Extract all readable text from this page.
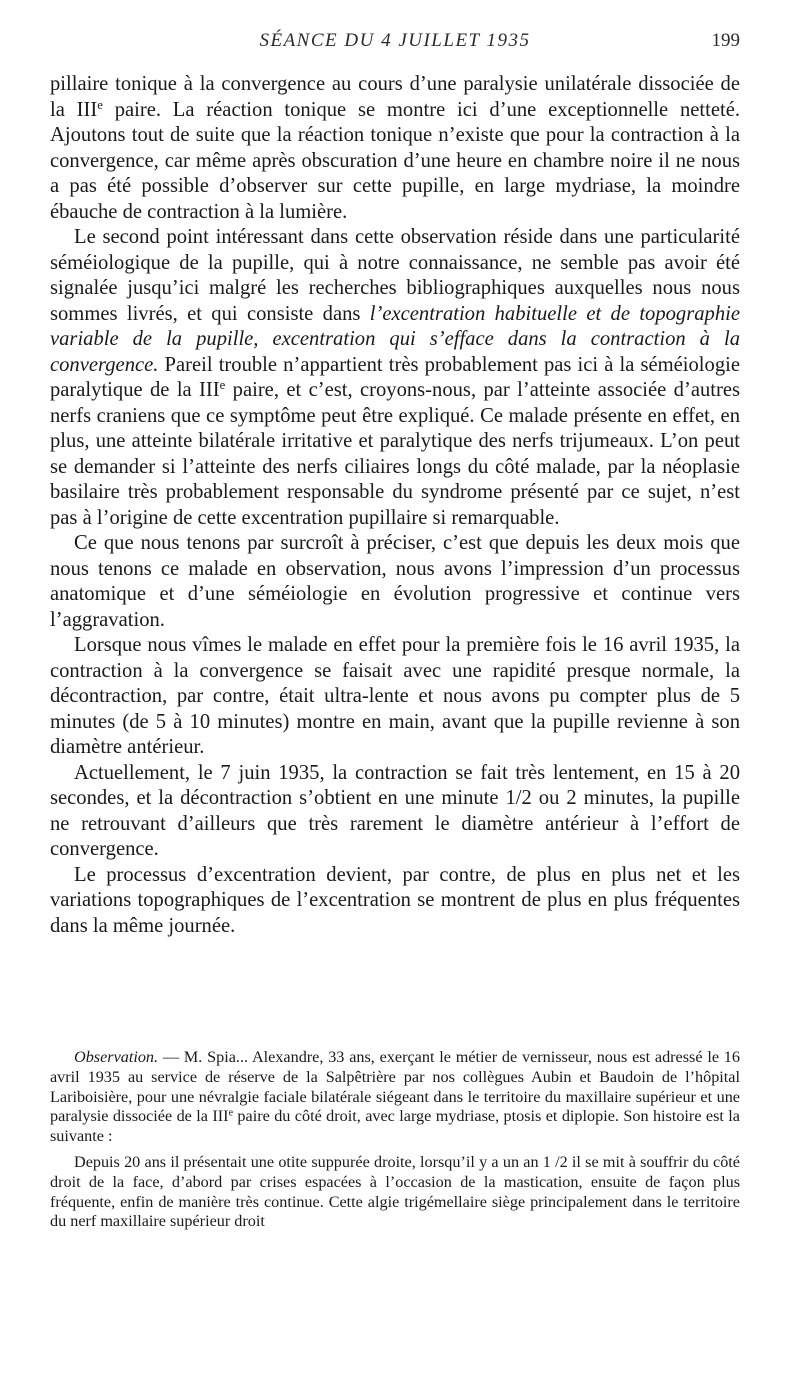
SÉANCE DU 4 JUILLET 1935	199

pillaire tonique à la convergence au cours d’une paralysie unilatérale dissociée de la IIIe paire. La réaction tonique se montre ici d’une exceptionnelle netteté. Ajoutons tout de suite que la réaction tonique n’existe que pour la contraction à la convergence, car même après obscuration d’une heure en chambre noire il ne nous a pas été possible d’observer sur cette pupille, en large mydriase, la moindre ébauche de contraction à la lumière.

Le second point intéressant dans cette observation réside dans une particularité séméiologique de la pupille, qui à notre connaissance, ne semble pas avoir été signalée jusqu’ici malgré les recherches bibliographiques auxquelles nous nous sommes livrés, et qui consiste dans l’excentration habituelle et de topographie variable de la pupille, excentration qui s’efface dans la contraction à la convergence. Pareil trouble n’appartient très probablement pas ici à la séméiologie paralytique de la IIIe paire, et c’est, croyons-nous, par l’atteinte associée d’autres nerfs craniens que ce symptôme peut être expliqué. Ce malade présente en effet, en plus, une atteinte bilatérale irritative et paralytique des nerfs trijumeaux. L’on peut se demander si l’atteinte des nerfs ciliaires longs du côté malade, par la néoplasie basilaire très probablement responsable du syndrome présenté par ce sujet, n’est pas à l’origine de cette excentration pupillaire si remarquable.

Ce que nous tenons par surcroît à préciser, c’est que depuis les deux mois que nous tenons ce malade en observation, nous avons l’impression d’un processus anatomique et d’une séméiologie en évolution progressive et continue vers l’aggravation.

Lorsque nous vîmes le malade en effet pour la première fois le 16 avril 1935, la contraction à la convergence se faisait avec une rapidité presque normale, la décontraction, par contre, était ultra-lente et nous avons pu compter plus de 5 minutes (de 5 à 10 minutes) montre en main, avant que la pupille revienne à son diamètre antérieur.

Actuellement, le 7 juin 1935, la contraction se fait très lentement, en 15 à 20 secondes, et la décontraction s’obtient en une minute 1/2 ou 2 minutes, la pupille ne retrouvant d’ailleurs que très rarement le diamètre antérieur à l’effort de convergence.

Le processus d’excentration devient, par contre, de plus en plus net et les variations topographiques de l’excentration se montrent de plus en plus fréquentes dans la même journée.

Observation. — M. Spia... Alexandre, 33 ans, exerçant le métier de vernisseur, nous est adressé le 16 avril 1935 au service de réserve de la Salpêtrière par nos collègues Aubin et Baudoin de l’hôpital Lariboisière, pour une névralgie faciale bilatérale siégeant dans le territoire du maxillaire supérieur et une paralysie dissociée de la IIIe paire du côté droit, avec large mydriase, ptosis et diplopie. Son histoire est la suivante :

Depuis 20 ans il présentait une otite suppurée droite, lorsqu’il y a un an 1 /2 il se mit à souffrir du côté droit de la face, d’abord par crises espacées à l’occasion de la mastication, ensuite de façon plus fréquente, enfin de manière très continue. Cette algie trigémellaire siège principalement dans le territoire du nerf maxillaire supérieur droit
